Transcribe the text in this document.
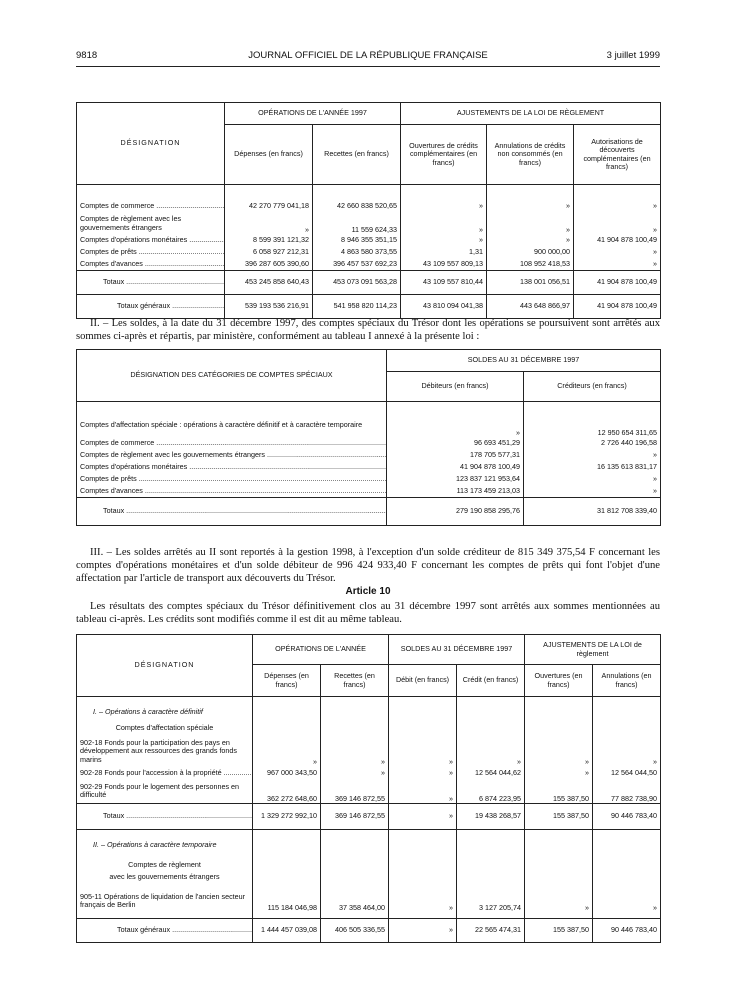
9818	JOURNAL OFFICIEL DE LA RÉPUBLIQUE FRANÇAISE	3 juillet 1999
DÉSIGNATION	OPÉRATIONS DE L'ANNÉE 1997		AJUSTEMENTS DE LA LOI DE RÈGLEMENT		
	Dépenses (en francs)	Recettes (en francs)	Ouvertures de crédits complémentaires (en francs)	Annulations de crédits non consommés (en francs)	Autorisations de découverts complémentaires (en francs)

Comptes de commerce .....	42 270 779 041,18	42 660 838 520,65	»	»	»
Comptes de règlement avec les gouvernements étrangers	»	11 559 624,33	»	»	»
Comptes d'opérations monétaires .....	8 599 391 121,32	8 946 355 351,15	»	»	41 904 878 100,49
Comptes de prêts .....	6 058 927 212,31	4 863 580 373,55	1,31	900 000,00	»
Comptes d'avances .....	396 287 605 390,60	396 457 537 692,23	43 109 557 809,13	108 952 418,53	»
Totaux .....	453 245 858 640,43	453 073 091 563,28	43 109 557 810,44	138 001 056,51	41 904 878 100,49
Totaux généraux .....	539 193 536 216,91	541 958 820 114,23	43 810 094 041,38	443 648 866,97	41 904 878 100,49

II. – Les soldes, à la date du 31 décembre 1997, des comptes spéciaux du Trésor dont les opérations se poursuivent sont arrêtés aux sommes ci-après et répartis, par ministère, conformément au tableau I annexé à la présente loi :

DÉSIGNATION DES CATÉGORIES DE COMPTES SPÉCIAUX	SOLDES AU 31 DÉCEMBRE 1997	
	Débiteurs (en francs)	Créditeurs (en francs)

Comptes d'affectation spéciale : opérations à caractère définitif et à caractère temporaire	»	12 950 654 311,65
Comptes de commerce .....	96 693 451,29	2 726 440 196,58
Comptes de règlement avec les gouvernements étrangers .....	178 705 577,31	»
Comptes d'opérations monétaires .....	41 904 878 100,49	16 135 613 831,17
Comptes de prêts .....	123 837 121 953,64	»
Comptes d'avances .....	113 173 459 213,03	»
Totaux .....	279 190 858 295,76	31 812 708 339,40

III. – Les soldes arrêtés au II sont reportés à la gestion 1998, à l'exception d'un solde créditeur de 815 349 375,54 F concernant les comptes d'opérations monétaires et d'un solde débiteur de 996 424 933,40 F concernant les comptes de prêts qui font l'objet d'une affectation par l'article de transport aux découverts du Trésor.

Article 10

Les résultats des comptes spéciaux du Trésor définitivement clos au 31 décembre 1997 sont arrêtés aux sommes mentionnées au tableau ci-après. Les crédits sont modifiés comme il est dit au même tableau.

DÉSIGNATION	OPÉRATIONS DE L'ANNÉE		SOLDES AU 31 DÉCEMBRE 1997		AJUSTEMENTS DE LA LOI de règlement	
	Dépenses (en francs)	Recettes (en francs)	Débit (en francs)	Crédit (en francs)	Ouvertures (en francs)	Annulations (en francs)

I. – Opérations à caractère définitif						
Comptes d'affectation spéciale						
902-18 Fonds pour la participation des pays en développement aux ressources des grands fonds marins	»	»	»	»	»	»
902-28 Fonds pour l'accession à la propriété .....	967 000 343,50	»	»	12 564 044,62	»	12 564 044,50
902-29 Fonds pour le logement des personnes en difficulté	362 272 648,60	369 146 872,55	»	6 874 223,95	155 387,50	77 882 738,90
Totaux .....	1 329 272 992,10	369 146 872,55	»	19 438 268,57	155 387,50	90 446 783,40
II. – Opérations à caractère temporaire						
Comptes de règlement						
avec les gouvernements étrangers						
905-11 Opérations de liquidation de l'ancien secteur français de Berlin	115 184 046,98	37 358 464,00	»	3 127 205,74	»	»
Totaux généraux .....	1 444 457 039,08	406 505 336,55	»	22 565 474,31	155 387,50	90 446 783,40
